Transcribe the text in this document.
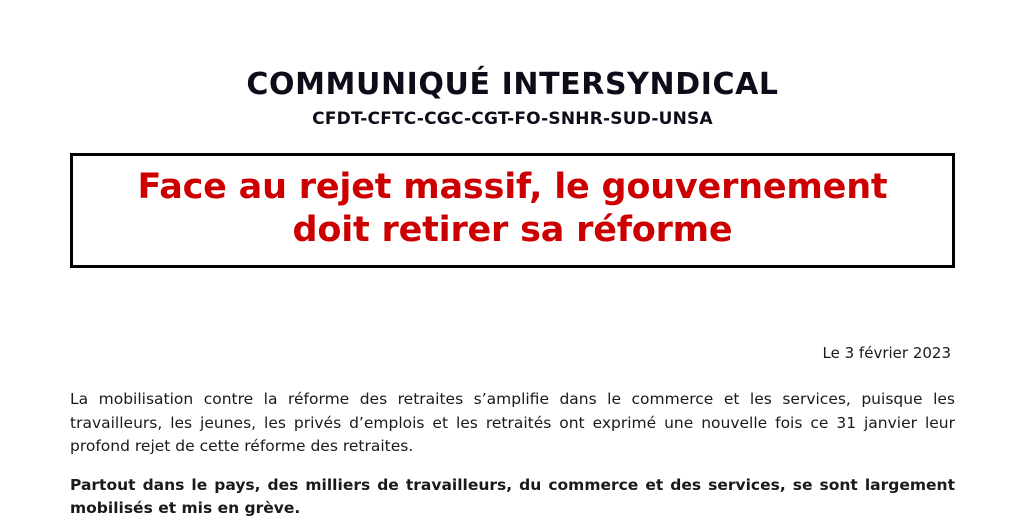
COMMUNIQUÉ INTERSYNDICAL
CFDT-CFTC-CGC-CGT-FO-SNHR-SUD-UNSA
Face au rejet massif, le gouvernement
doit retirer sa réforme
Le 3 février 2023

La mobilisation contre la réforme des retraites s’amplifie dans le commerce et les services, puisque les travailleurs, les jeunes, les privés d’emplois et les retraités ont exprimé une nouvelle fois ce 31 janvier leur profond rejet de cette réforme des retraites.

Partout dans le pays, des milliers de travailleurs, du commerce et des services, se sont largement mobilisés et mis en grève.
